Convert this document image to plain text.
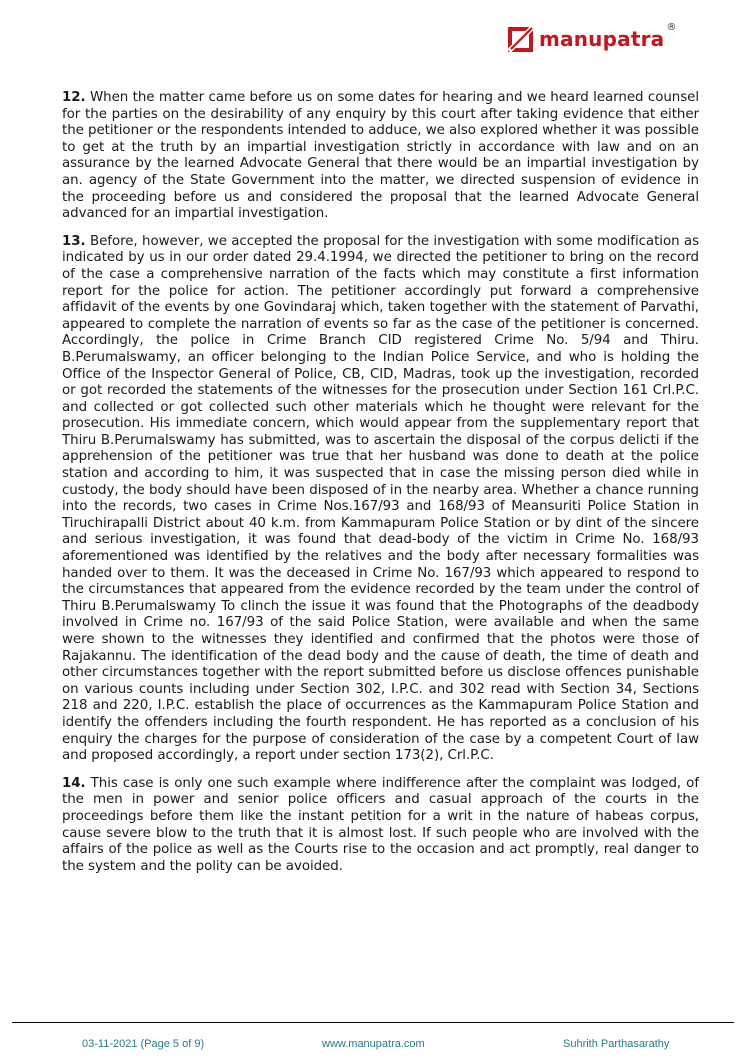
manupatra ®

12. When the matter came before us on some dates for hearing and we heard learned counsel for the parties on the desirability of any enquiry by this court after taking evidence that either the petitioner or the respondents intended to adduce, we also explored whether it was possible to get at the truth by an impartial investigation strictly in accordance with law and on an assurance by the learned Advocate General that there would be an impartial investigation by an. agency of the State Government into the matter, we directed suspension of evidence in the proceeding before us and considered the proposal that the learned Advocate General advanced for an impartial investigation.

13. Before, however, we accepted the proposal for the investigation with some modification as indicated by us in our order dated 29.4.1994, we directed the petitioner to bring on the record of the case a comprehensive narration of the facts which may constitute a first information report for the police for action. The petitioner accordingly put forward a comprehensive affidavit of the events by one Govindaraj which, taken together with the statement of Parvathi, appeared to complete the narration of events so far as the case of the petitioner is concerned. Accordingly, the police in Crime Branch CID registered Crime No. 5/94 and Thiru. B.Perumalswamy, an officer belonging to the Indian Police Service, and who is holding the Office of the Inspector General of Police, CB, CID, Madras, took up the investigation, recorded or got recorded the statements of the witnesses for the prosecution under Section 161 Crl.P.C. and collected or got collected such other materials which he thought were relevant for the prosecution. His immediate concern, which would appear from the supplementary report that Thiru B.Perumalswamy has submitted, was to ascertain the disposal of the corpus delicti if the apprehension of the petitioner was true that her husband was done to death at the police station and according to him, it was suspected that in case the missing person died while in custody, the body should have been disposed of in the nearby area. Whether a chance running into the records, two cases in Crime Nos.167/93 and 168/93 of Meansuriti Police Station in Tiruchirapalli District about 40 k.m. from Kammapuram Police Station or by dint of the sincere and serious investigation, it was found that dead-body of the victim in Crime No. 168/93 aforementioned was identified by the relatives and the body after necessary formalities was handed over to them. It was the deceased in Crime No. 167/93 which appeared to respond to the circumstances that appeared from the evidence recorded by the team under the control of Thiru B.Perumalswamy To clinch the issue it was found that the Photographs of the deadbody involved in Crime no. 167/93 of the said Police Station, were available and when the same were shown to the witnesses they identified and confirmed that the photos were those of Rajakannu. The identification of the dead body and the cause of death, the time of death and other circumstances together with the report submitted before us disclose offences punishable on various counts including under Section 302, I.P.C. and 302 read with Section 34, Sections 218 and 220, I.P.C. establish the place of occurrences as the Kammapuram Police Station and identify the offenders including the fourth respondent. He has reported as a conclusion of his enquiry the charges for the purpose of consideration of the case by a competent Court of law and proposed accordingly, a report under section 173(2), Crl.P.C.

14. This case is only one such example where indifference after the complaint was lodged, of the men in power and senior police officers and casual approach of the courts in the proceedings before them like the instant petition for a writ in the nature of habeas corpus, cause severe blow to the truth that it is almost lost. If such people who are involved with the affairs of the police as well as the Courts rise to the occasion and act promptly, real danger to the system and the polity can be avoided.

03-11-2021 (Page 5 of 9)	www.manupatra.com	Suhrith Parthasarathy
